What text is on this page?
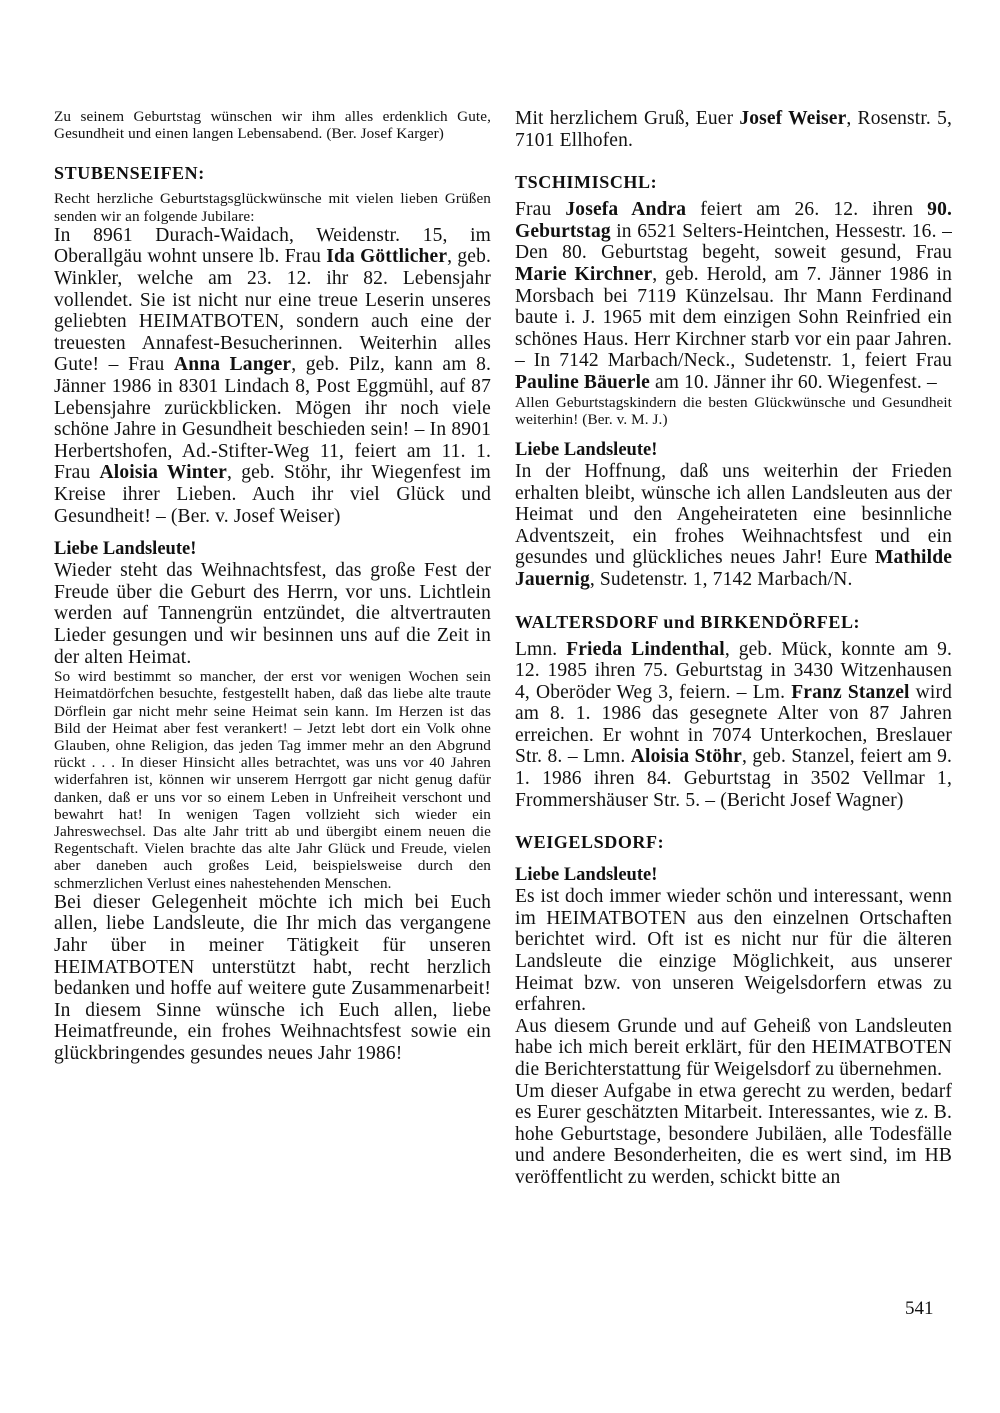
Zu seinem Geburtstag wünschen wir ihm alles erdenklich Gute, Gesundheit und einen langen Lebensabend. (Ber. Josef Karger)

STUBENSEIFEN:

Recht herzliche Geburtstagsglückwünsche mit vielen lieben Grüßen senden wir an folgende Jubilare:

In 8961 Durach-Waidach, Weidenstr. 15, im Oberallgäu wohnt unsere lb. Frau Ida Göttlicher, geb. Winkler, welche am 23. 12. ihr 82. Lebensjahr vollendet. Sie ist nicht nur eine treue Leserin unseres geliebten HEIMATBOTEN, sondern auch eine der treuesten Annafest-Besucherinnen. Weiterhin alles Gute! – Frau Anna Langer, geb. Pilz, kann am 8. Jänner 1986 in 8301 Lindach 8, Post Eggmühl, auf 87 Lebensjahre zurückblicken. Mögen ihr noch viele schöne Jahre in Gesundheit beschieden sein! – In 8901 Herbertshofen, Ad.-Stifter-Weg 11, feiert am 11. 1. Frau Aloisia Winter, geb. Stöhr, ihr Wiegenfest im Kreise ihrer Lieben. Auch ihr viel Glück und Gesundheit! – (Ber. v. Josef Weiser)

Liebe Landsleute!

Wieder steht das Weihnachtsfest, das große Fest der Freude über die Geburt des Herrn, vor uns. Lichtlein werden auf Tannengrün entzündet, die altvertrauten Lieder gesungen und wir besinnen uns auf die Zeit in der alten Heimat.

So wird bestimmt so mancher, der erst vor wenigen Wochen sein Heimatdörfchen besuchte, festgestellt haben, daß das liebe alte traute Dörflein gar nicht mehr seine Heimat sein kann. Im Herzen ist das Bild der Heimat aber fest verankert! – Jetzt lebt dort ein Volk ohne Glauben, ohne Religion, das jeden Tag immer mehr an den Abgrund rückt . . . In dieser Hinsicht alles betrachtet, was uns vor 40 Jahren widerfahren ist, können wir unserem Herrgott gar nicht genug dafür danken, daß er uns vor so einem Leben in Unfreiheit verschont und bewahrt hat! In wenigen Tagen vollzieht sich wieder ein Jahreswechsel. Das alte Jahr tritt ab und übergibt einem neuen die Regentschaft. Vielen brachte das alte Jahr Glück und Freude, vielen aber daneben auch großes Leid, beispielsweise durch den schmerzlichen Verlust eines nahestehenden Menschen.

Bei dieser Gelegenheit möchte ich mich bei Euch allen, liebe Landsleute, die Ihr mich das vergangene Jahr über in meiner Tätigkeit für unseren HEIMATBOTEN unterstützt habt, recht herzlich bedanken und hoffe auf weitere gute Zusammenarbeit! In diesem Sinne wünsche ich Euch allen, liebe Heimatfreunde, ein frohes Weihnachtsfest sowie ein glückbringendes gesundes neues Jahr 1986!

Mit herzlichem Gruß, Euer Josef Weiser, Rosenstr. 5, 7101 Ellhofen.

TSCHIMISCHL:

Frau Josefa Andra feiert am 26. 12. ihren 90. Geburtstag in 6521 Selters-Heintchen, Hessestr. 16. – Den 80. Geburtstag begeht, soweit gesund, Frau Marie Kirchner, geb. Herold, am 7. Jänner 1986 in Morsbach bei 7119 Künzelsau. Ihr Mann Ferdinand baute i. J. 1965 mit dem einzigen Sohn Reinfried ein schönes Haus. Herr Kirchner starb vor ein paar Jahren. – In 7142 Marbach/Neck., Sudetenstr. 1, feiert Frau Pauline Bäuerle am 10. Jänner ihr 60. Wiegenfest. –

Allen Geburtstagskindern die besten Glückwünsche und Gesundheit weiterhin! (Ber. v. M. J.)

Liebe Landsleute!

In der Hoffnung, daß uns weiterhin der Frieden erhalten bleibt, wünsche ich allen Landsleuten aus der Heimat und den Angeheirateten eine besinnliche Adventszeit, ein frohes Weihnachtsfest und ein gesundes und glückliches neues Jahr! Eure Mathilde Jauernig, Sudetenstr. 1, 7142 Marbach/N.

WALTERSDORF und BIRKENDÖRFEL:

Lmn. Frieda Lindenthal, geb. Mück, konnte am 9. 12. 1985 ihren 75. Geburtstag in 3430 Witzenhausen 4, Oberöder Weg 3, feiern. – Lm. Franz Stanzel wird am 8. 1. 1986 das gesegnete Alter von 87 Jahren erreichen. Er wohnt in 7074 Unterkochen, Breslauer Str. 8. – Lmn. Aloisia Stöhr, geb. Stanzel, feiert am 9. 1. 1986 ihren 84. Geburtstag in 3502 Vellmar 1, Frommershäuser Str. 5. – (Bericht Josef Wagner)

WEIGELSDORF:

Liebe Landsleute!

Es ist doch immer wieder schön und interessant, wenn im HEIMATBOTEN aus den einzelnen Ortschaften berichtet wird. Oft ist es nicht nur für die älteren Landsleute die einzige Möglichkeit, aus unserer Heimat bzw. von unseren Weigelsdorfern etwas zu erfahren.

Aus diesem Grunde und auf Geheiß von Landsleuten habe ich mich bereit erklärt, für den HEIMATBOTEN die Berichterstattung für Weigelsdorf zu übernehmen.

Um dieser Aufgabe in etwa gerecht zu werden, bedarf es Eurer geschätzten Mitarbeit. Interessantes, wie z. B. hohe Geburtstage, besondere Jubiläen, alle Todesfälle und andere Besonderheiten, die es wert sind, im HB veröffentlicht zu werden, schickt bitte an

541
